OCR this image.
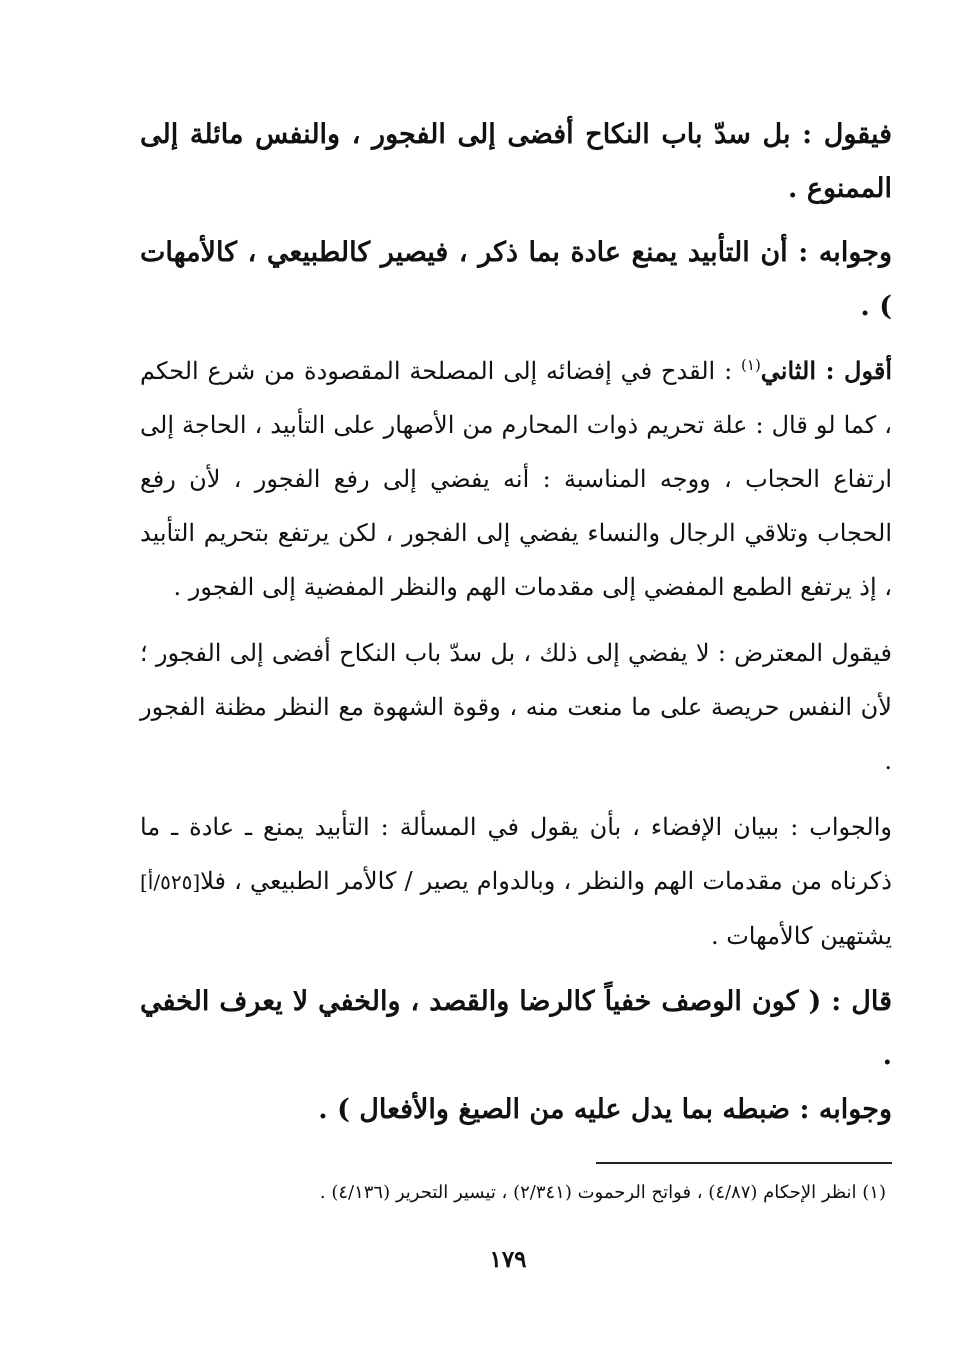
فيقول : بل سدّ باب النكاح أفضى إلى الفجور ، والنفس مائلة إلى الممنوع .

وجوابه : أن التأبيد يمنع عادة بما ذكر ، فيصير كالطبيعي ، كالأمهات ) .

أقول : الثاني$^{(١)}$ : القدح في إفضائه إلى المصلحة المقصودة من شرع الحكم ، كما لو قال : علة تحريم ذوات المحارم من الأصهار على التأبيد ، الحاجة إلى ارتفاع الحجاب ، ووجه المناسبة : أنه يفضي إلى رفع الفجور ، لأن رفع الحجاب وتلاقي الرجال والنساء يفضي إلى الفجور ، لكن يرتفع بتحريم التأبيد ، إذ يرتفع الطمع المفضي إلى مقدمات الهم والنظر المفضية إلى الفجور .

فيقول المعترض : لا يفضي إلى ذلك ، بل سدّ باب النكاح أفضى إلى الفجور ؛ لأن النفس حريصة على ما منعت منه ، وقوة الشهوة مع النظر مظنة الفجور .

والجواب : ببيان الإفضاء ، بأن يقول في المسألة : التأبيد يمنع ـ عادة ـ ما ذكرناه من مقدمات الهم والنظر ، وبالدوام يصير / كالأمر الطبيعي ، فلا[٥٢٥/أ] يشتهين كالأمهات .

قال : ( كون الوصف خفياً كالرضا والقصد ، والخفي لا يعرف الخفي .

وجوابه : ضبطه بما يدل عليه من الصيغ والأفعال ) .

(١) انظر الإحكام (٤/٨٧) ، فواتح الرحموت (٢/٣٤١) ، تيسير التحرير (٤/١٣٦) .
١٧٩
